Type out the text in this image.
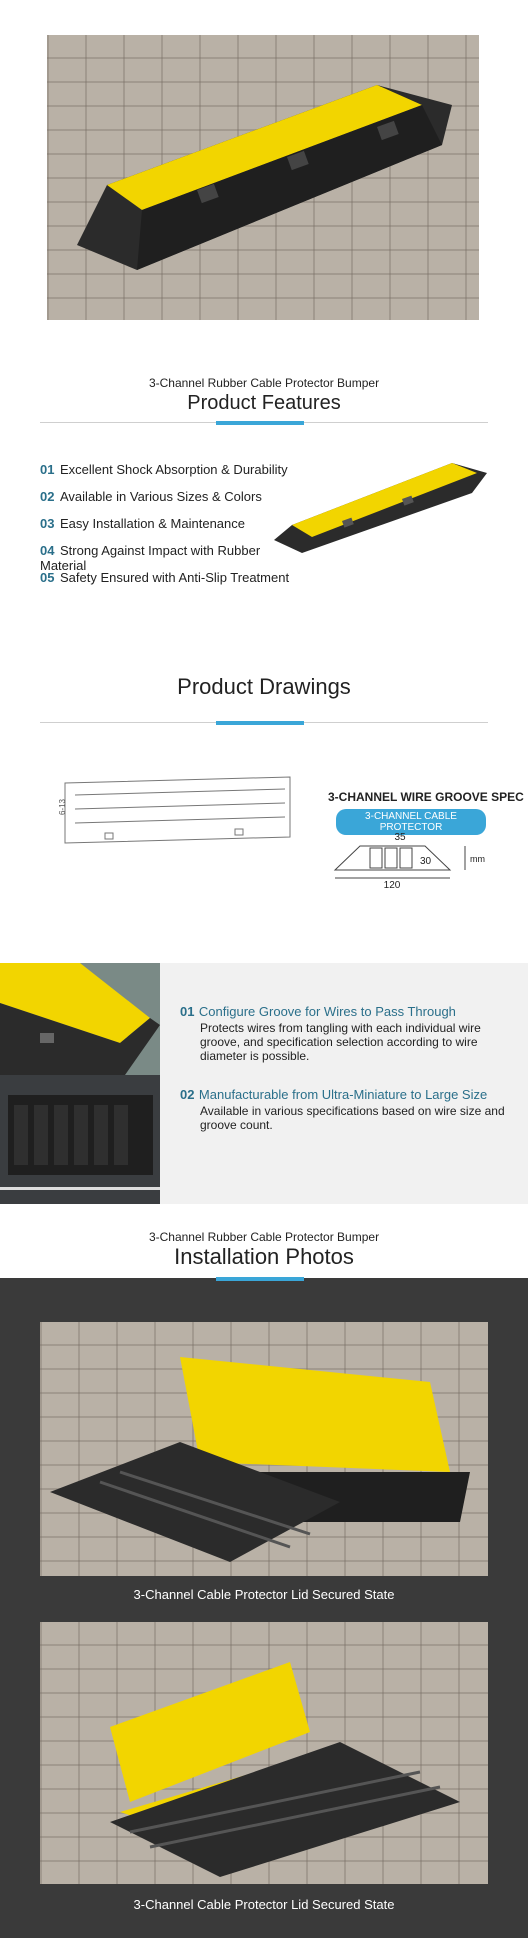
3-Channel Rubber Cable Protector Bumper
Product Features
01 Excellent Shock Absorption & Durability
02 Available in Various Sizes & Colors
03 Easy Installation & Maintenance
04 Strong Against Impact with Rubber Material
05 Safety Ensured with Anti-Slip Treatment
Product Drawings
6-13
3-CHANNEL WIRE GROOVE SPEC
3-CHANNEL CABLE PROTECTOR
35
30	mm
120
01 Configure Groove for Wires to Pass Through
Protects wires from tangling with each individual wire groove, and specification selection according to wire diameter is possible.
02 Manufacturable from Ultra-Miniature to Large Size
Available in various specifications based on wire size and groove count.
3-Channel Rubber Cable Protector Bumper
Installation Photos
3-Channel Cable Protector Lid Secured State
3-Channel Cable Protector Lid Secured State
